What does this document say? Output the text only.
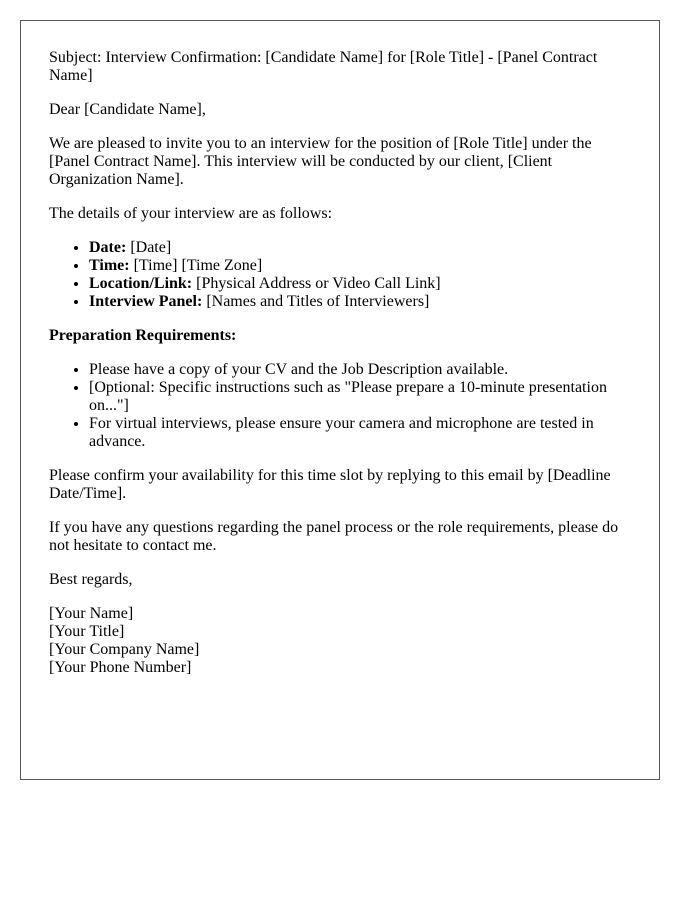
Subject: Interview Confirmation: [Candidate Name] for [Role Title] - [Panel Contract Name]

Dear [Candidate Name],

We are pleased to invite you to an interview for the position of [Role Title] under the [Panel Contract Name]. This interview will be conducted by our client, [Client Organization Name].

The details of your interview are as follows:

• Date: [Date]
• Time: [Time] [Time Zone]
• Location/Link: [Physical Address or Video Call Link]
• Interview Panel: [Names and Titles of Interviewers]

Preparation Requirements:

• Please have a copy of your CV and the Job Description available.
• [Optional: Specific instructions such as "Please prepare a 10-minute presentation on..."]
• For virtual interviews, please ensure your camera and microphone are tested in advance.

Please confirm your availability for this time slot by replying to this email by [Deadline Date/Time].

If you have any questions regarding the panel process or the role requirements, please do not hesitate to contact me.

Best regards,

[Your Name]
[Your Title]
[Your Company Name]
[Your Phone Number]
